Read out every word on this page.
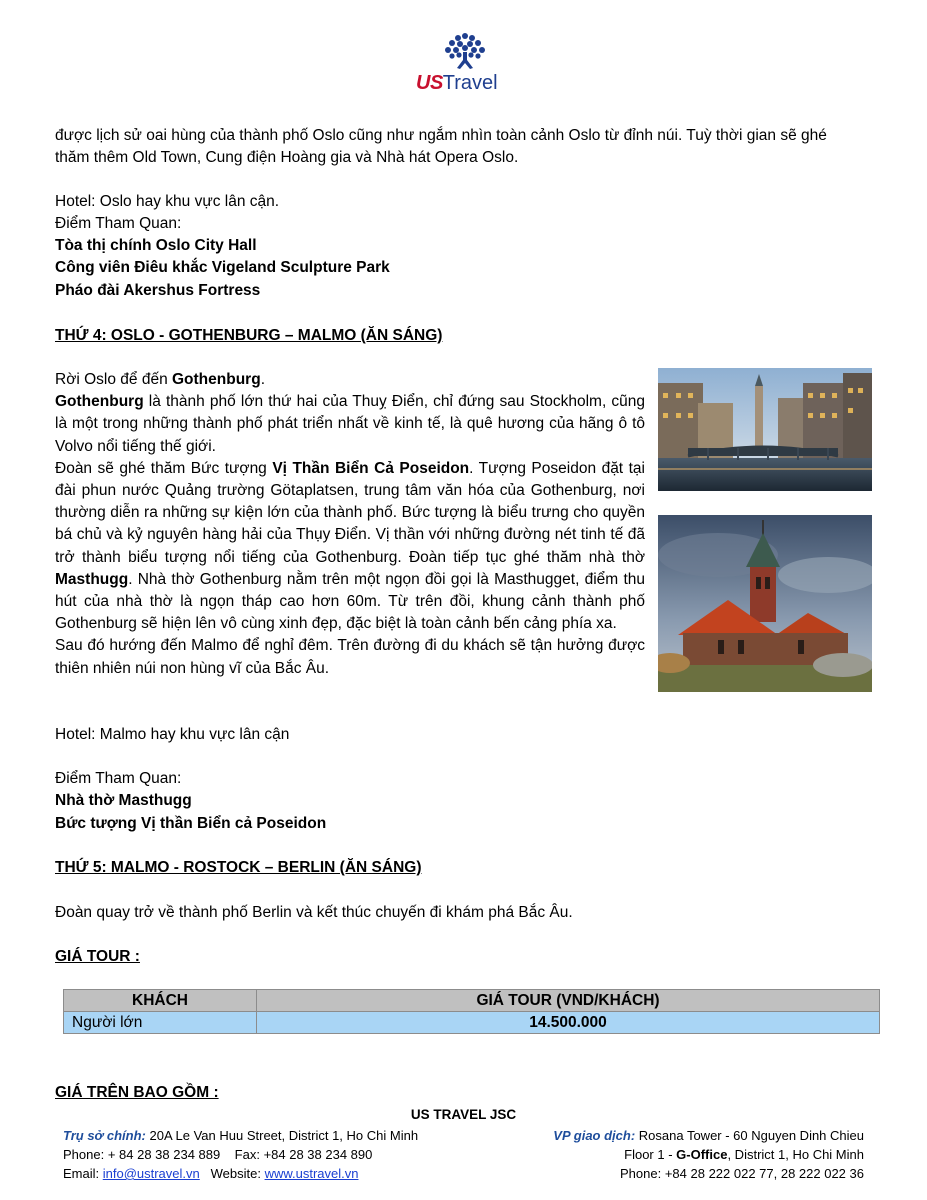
USTravel
được lịch sử oai hùng của thành phố Oslo cũng như ngắm nhìn toàn cảnh Oslo từ đỉnh núi. Tuỳ thời gian sẽ ghé
thăm thêm Old Town, Cung điện Hoàng gia và Nhà hát Opera Oslo.
Hotel: Oslo hay khu vực lân cận.
Điểm Tham Quan:
Tòa thị chính Oslo City Hall
Công viên Điêu khắc Vigeland Sculpture Park
Pháo đài Akershus Fortress
THỨ 4: OSLO - GOTHENBURG – MALMO (ĂN SÁNG)
Rời Oslo để đến Gothenburg.
Gothenburg là thành phố lớn thứ hai của Thuỵ Điển, chỉ đứng sau Stockholm, cũng là một trong những thành phố phát triển nhất về kinh tế, là quê hương của hãng ô tô Volvo nổi tiếng thế giới.
Đoàn sẽ ghé thăm Bức tượng Vị Thần Biển Cả Poseidon. Tượng Poseidon đặt tại đài phun nước Quảng trường Götaplatsen, trung tâm văn hóa của Gothenburg, nơi thường diễn ra những sự kiện lớn của thành phố. Bức tượng là biểu trưng cho quyền bá chủ và kỷ nguyên hàng hải của Thụy Điển. Vị thần với những đường nét tinh tế đã trở thành biểu tượng nổi tiếng của Gothenburg. Đoàn tiếp tục ghé thăm nhà thờ Masthugg. Nhà thờ Gothenburg nằm trên một ngọn đồi gọi là Masthugget, điểm thu hút của nhà thờ là ngọn tháp cao hơn 60m. Từ trên đồi, khung cảnh thành phố Gothenburg sẽ hiện lên vô cùng xinh đẹp, đặc biệt là toàn cảnh bến cảng phía xa.
Sau đó hướng đến Malmo để nghỉ đêm. Trên đường đi du khách sẽ tận hưởng được thiên nhiên núi non hùng vĩ của Bắc Âu.
Hotel: Malmo hay khu vực lân cận
Điểm Tham Quan:
Nhà thờ Masthugg
Bức tượng Vị thần Biển cả Poseidon
THỨ 5: MALMO - ROSTOCK – BERLIN (ĂN SÁNG)
Đoàn quay trở về thành phố Berlin và kết thúc chuyến đi khám phá Bắc Âu.
GIÁ TOUR :
KHÁCH	GIÁ TOUR (VND/KHÁCH)
Người lớn	14.500.000
GIÁ TRÊN BAO GỒM :
US TRAVEL JSC
Trụ sở chính: 20A Le Van Huu Street, District 1, Ho Chi Minh
Phone: + 84 28 38 234 889    Fax: +84 28 38 234 890
Email: info@ustravel.vn   Website: www.ustravel.vn
VP giao dịch: Rosana Tower - 60 Nguyen Dinh Chieu
Floor 1 - G-Office, District 1, Ho Chi Minh
Phone: +84 28 222 022 77, 28 222 022 36
